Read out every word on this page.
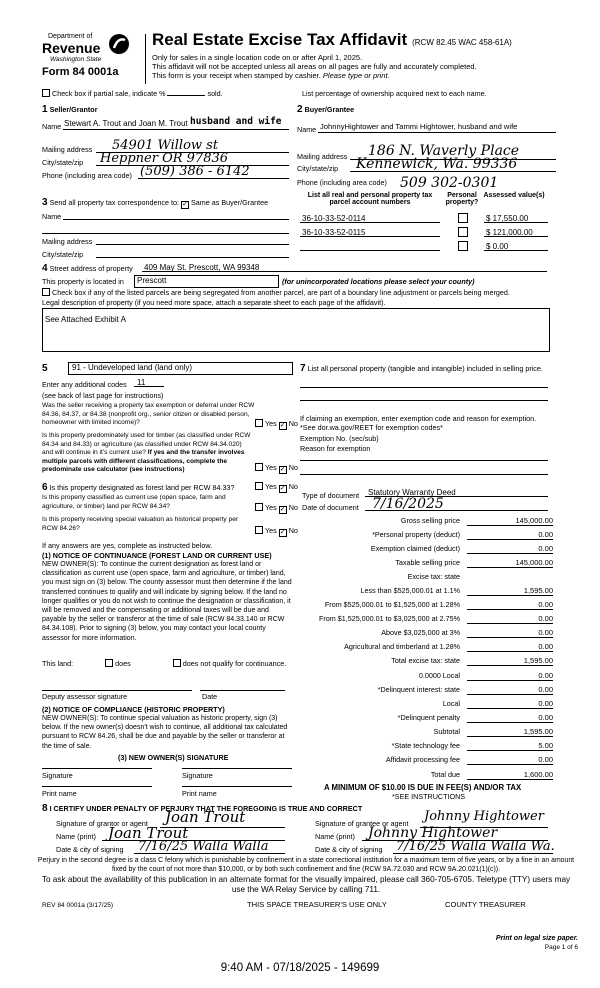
Department of
Revenue
Washington State
Form 84 0001a
Real Estate Excise Tax Affidavit (RCW 82.45 WAC 458-61A)
Only for sales in a single location code on or after April 1, 2025.
This affidavit will not be accepted unless all areas on all pages are fully and accurately completed.
This form is your receipt when stamped by cashier. Please type or print.
Check box if partial sale, indicate %	sold.	List percentage of ownership acquired next to each name.
1 Seller/Grantor
Name Stewart A. Trout and Joan M. Trout husband and wife
Mailing address 54901 Willow st
City/state/zip Heppner OR 97836
Phone (including area code) (509) 386 - 6142
2 Buyer/Grantee
Name JohnnyHightower and Tammi Hightower, husband and wife
Mailing address 186 N. Waverly Place
City/state/zip Kennewick, Wa. 99336
Phone (including area code) 509 302-0301
3 Send all property tax correspondence to: ✓ Same as Buyer/Grantee
Name
Mailing address
City/state/zip
List all real and personal property tax parcel account numbers
Personal property?
Assessed value(s)
36-10-33-52-0114	$ 17,550.00
36-10-33-52-0115	$ 121,000.00
$ 0.00
4 Street address of property 409 May St. Prescott, WA 99348
This property is located in	Prescott	(for unincorporated locations please select your county)
Check box if any of the listed parcels are being segregated from another parcel, are part of a boundary line adjustment or parcels being merged.
Legal description of property (if you need more space, attach a separate sheet to each page of the affidavit).
See Attached Exhibit A
5	91 - Undeveloped land (land only)
Enter any additional codes 11
(see back of last page for instructions)
Was the seller receiving a property tax exemption or deferral under RCW 84.36, 84.37, or 84.38 (nonprofit org., senior citizen or disabled person, homeowner with limited income)?	Yes ✓ No
Is this property predominately used for timber (as classified under RCW 84.34 and 84.33) or agriculture (as classified under RCW 84.34.020) and will continue in it's current use? If yes and the transfer involves multiple parcels with different classifications, complete the predominate use calculator (see instructions)	Yes ✓ No
6 Is this property designated as forest land per RCW 84.33?	Yes ✓ No
Is this property classified as current use (open space, farm and agriculture, or timber) land per RCW 84.34?	Yes ✓ No
Is this property receiving special valuation as historical property per RCW 84.26?	Yes ✓ No
If any answers are yes, complete as instructed below.
(1) NOTICE OF CONTINUANCE (FOREST LAND OR CURRENT USE)
NEW OWNER(S): To continue the current designation as forest land or classification as current use (open space, farm and agriculture, or timber) land, you must sign on (3) below. The county assessor must then determine if the land transferred continues to qualify and will indicate by signing below. If the land no longer qualifies or you do not wish to continue the designation or classification, it will be removed and the compensating or additional taxes will be due and payable by the seller or transferor at the time of sale (RCW 84.33.140 or RCW 84.34.108). Prior to signing (3) below, you may contact your local county assessor for more information.
This land:	does	does not qualify for continuance.
Deputy assessor signature	Date
(2) NOTICE OF COMPLIANCE (HISTORIC PROPERTY)
NEW OWNER(S): To continue special valuation as historic property, sign (3) below. If the new owner(s) doesn't wish to continue, all additional tax calculated pursuant to RCW 84.26, shall be due and payable by the seller or transferor at the time of sale.
(3) NEW OWNER(S) SIGNATURE
Signature	Signature
Print name	Print name
7 List all personal property (tangible and intangible) included in selling price.
If claiming an exemption, enter exemption code and reason for exemption. *See dor.wa.gov/REET for exemption codes*
Exemption No. (sec/sub)
Reason for exemption
Type of document Statutory Warranty Deed
Date of document 7/16/2025
Gross selling price	145,000.00
*Personal property (deduct)	0.00
Exemption claimed (deduct)	0.00
Taxable selling price	145,000.00
Excise tax: state
Less than $525,000.01 at 1.1%	1,595.00
From $525,000.01 to $1,525,000 at 1.28%	0.00
From $1,525,000.01 to $3,025,000 at 2.75%	0.00
Above $3,025,000 at 3%	0.00
Agricultural and timberland at 1.28%	0.00
Total excise tax: state	1,595.00
0.0000 Local	0.00
*Delinquent interest: state	0.00
Local	0.00
*Delinquent penalty	0.00
Subtotal	1,595.00
*State technology fee	5.00
Affidavit processing fee	0.00
Total due	1,600.00
A MINIMUM OF $10.00 IS DUE IN FEE(S) AND/OR TAX
*SEE INSTRUCTIONS
8 I CERTIFY UNDER PENALTY OF PERJURY THAT THE FOREGOING IS TRUE AND CORRECT
Signature of grantor or agent Joan Trout
Name (print) Joan Trout
Date & city of signing 7/16/25 Walla Walla
Signature of grantee or agent Johnny Hightower
Name (print) Johnny Hightower
Date & city of signing 7/16/25 Walla Walla Wa.
Perjury in the second degree is a class C felony which is punishable by confinement in a state correctional institution for a maximum term of five years, or by a fine in an amount fixed by the court of not more than $10,000, or by both such confinement and fine (RCW 9A.72.030 and RCW 9A.20.021(1)(c)).
To ask about the availability of this publication in an alternate format for the visually impaired, please call 360-705-6705. Teletype (TTY) users may use the WA Relay Service by calling 711.
REV 84 0001a (3/17/25)	THIS SPACE TREASURER'S USE ONLY	COUNTY TREASURER
Print on legal size paper.
Page 1 of 6
9:40 AM - 07/18/2025 - 149699
